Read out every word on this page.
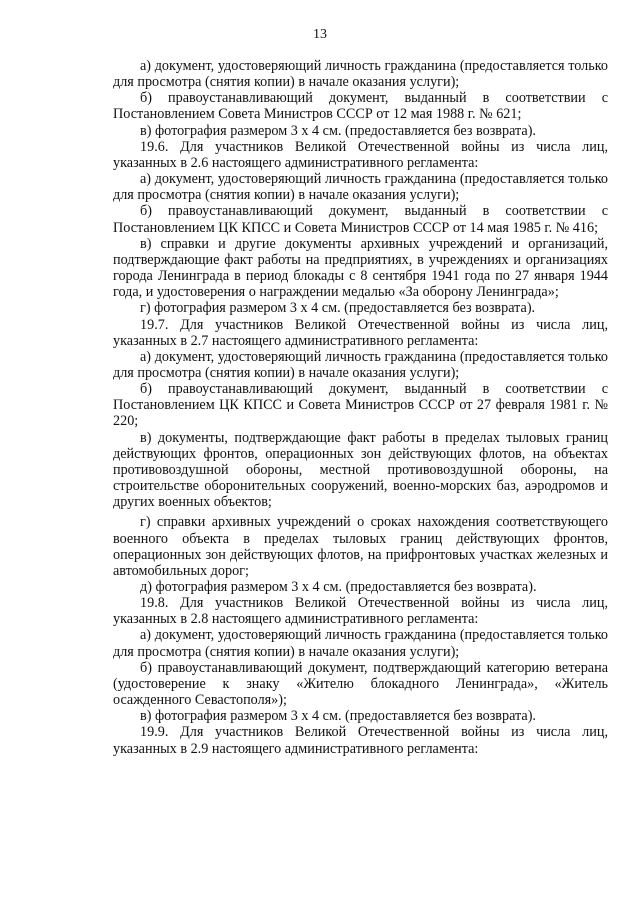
13

а) документ, удостоверяющий личность гражданина (предоставляется только для просмотра (снятия копии) в начале оказания услуги);

б) правоустанавливающий документ, выданный в соответствии с Постановлением Совета Министров СССР от 12 мая 1988 г. № 621;

в) фотография размером 3 х 4 см. (предоставляется без возврата).

19.6. Для участников Великой Отечественной войны из числа лиц, указанных в 2.6 настоящего административного регламента:

а) документ, удостоверяющий личность гражданина (предоставляется только для просмотра (снятия копии) в начале оказания услуги);

б) правоустанавливающий документ, выданный в соответствии с Постановлением ЦК КПСС и Совета Министров СССР от 14 мая 1985 г. № 416;

в) справки и другие документы архивных учреждений и организаций, подтверждающие факт работы на предприятиях, в учреждениях и организациях города Ленинграда в период блокады с 8 сентября 1941 года по 27 января 1944 года, и удостоверения о награждении медалью «За оборону Ленинграда»;

г) фотография размером 3 х 4 см. (предоставляется без возврата).

19.7. Для участников Великой Отечественной войны из числа лиц, указанных в 2.7 настоящего административного регламента:

а) документ, удостоверяющий личность гражданина (предоставляется только для просмотра (снятия копии) в начале оказания услуги);

б) правоустанавливающий документ, выданный в соответствии с Постановлением ЦК КПСС и Совета Министров СССР от 27 февраля 1981 г. № 220;

в) документы, подтверждающие факт работы в пределах тыловых границ действующих фронтов, операционных зон действующих флотов, на объектах противовоздушной обороны, местной противовоздушной обороны, на строительстве оборонительных сооружений, военно-морских баз, аэродромов и других военных объектов;

г) справки архивных учреждений о сроках нахождения соответствующего военного объекта в пределах тыловых границ действующих фронтов, операционных зон действующих флотов, на прифронтовых участках железных и автомобильных дорог;

д) фотография размером 3 х 4 см. (предоставляется без возврата).

19.8. Для участников Великой Отечественной войны из числа лиц, указанных в 2.8 настоящего административного регламента:

а) документ, удостоверяющий личность гражданина (предоставляется только для просмотра (снятия копии) в начале оказания услуги);

б) правоустанавливающий документ, подтверждающий категорию ветерана (удостоверение к знаку «Жителю блокадного Ленинграда», «Житель осажденного Севастополя»);

в) фотография размером 3 х 4 см. (предоставляется без возврата).

19.9. Для участников Великой Отечественной войны из числа лиц, указанных в 2.9 настоящего административного регламента:
